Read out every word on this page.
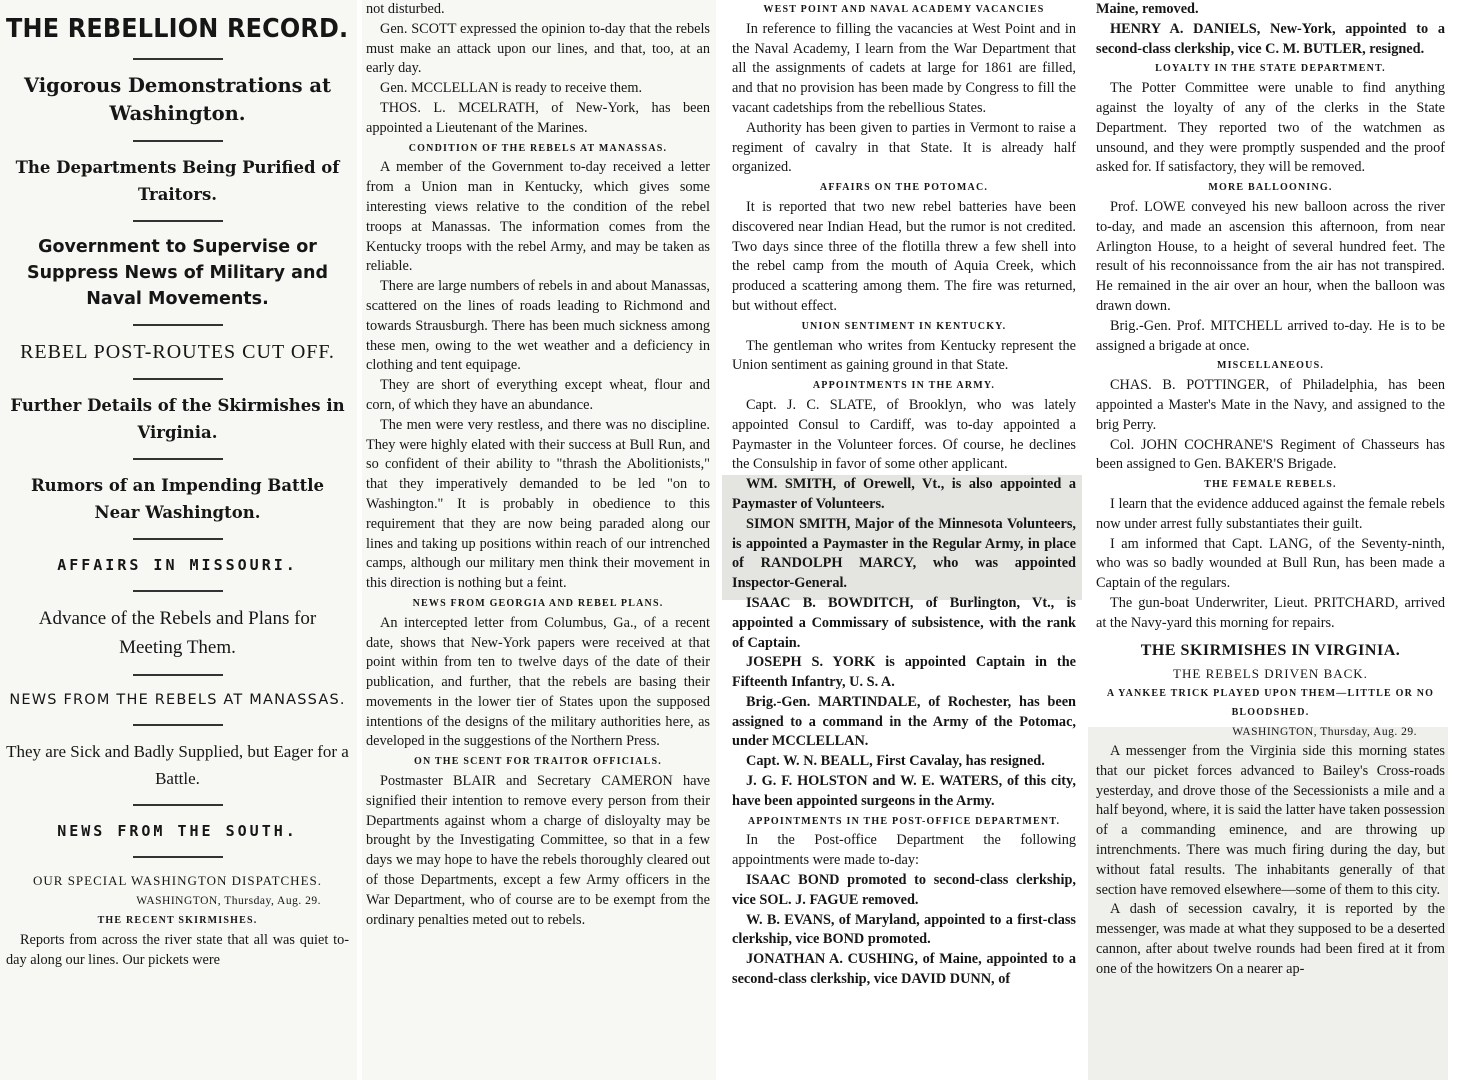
THE REBELLION RECORD.

Vigorous Demonstrations at Washington.

The Departments Being Purified of Traitors.

Government to Supervise or Suppress News of Military and Naval Movements.

REBEL POST-ROUTES CUT OFF.

Further Details of the Skirmishes in Virginia.

Rumors of an Impending Battle Near Washington.

AFFAIRS IN MISSOURI.

Advance of the Rebels and Plans for Meeting Them.

NEWS FROM THE REBELS AT MANASSAS.

They are Sick and Badly Supplied, but Eager for a Battle.

NEWS FROM THE SOUTH.

OUR SPECIAL WASHINGTON DISPATCHES.

WASHINGTON, Thursday, Aug. 29.

THE RECENT SKIRMISHES.

Reports from across the river state that all was quiet to-day along our lines. Our pickets were

not disturbed.

Gen. SCOTT expressed the opinion to-day that the rebels must make an attack upon our lines, and that, too, at an early day.

Gen. MCCLELLAN is ready to receive them.

THOS. L. MCELRATH, of New-York, has been appointed a Lieutenant of the Marines.

CONDITION OF THE REBELS AT MANASSAS.

A member of the Government to-day received a letter from a Union man in Kentucky, which gives some interesting views relative to the condition of the rebel troops at Manassas. The information comes from the Kentucky troops with the rebel Army, and may be taken as reliable.

There are large numbers of rebels in and about Manassas, scattered on the lines of roads leading to Richmond and towards Strausburgh. There has been much sickness among these men, owing to the wet weather and a deficiency in clothing and tent equipage.

They are short of everything except wheat, flour and corn, of which they have an abundance.

The men were very restless, and there was no discipline. They were highly elated with their success at Bull Run, and so confident of their ability to "thrash the Abolitionists," that they imperatively demanded to be led "on to Washington." It is probably in obedience to this requirement that they are now being paraded along our lines and taking up positions within reach of our intrenched camps, although our military men think their movement in this direction is nothing but a feint.

NEWS FROM GEORGIA AND REBEL PLANS.

An intercepted letter from Columbus, Ga., of a recent date, shows that New-York papers were received at that point within from ten to twelve days of the date of their publication, and further, that the rebels are basing their movements in the lower tier of States upon the supposed intentions of the designs of the military authorities here, as developed in the suggestions of the Northern Press.

ON THE SCENT FOR TRAITOR OFFICIALS.

Postmaster BLAIR and Secretary CAMERON have signified their intention to remove every person from their Departments against whom a charge of disloyalty may be brought by the Investigating Committee, so that in a few days we may hope to have the rebels thoroughly cleared out of those Departments, except a few Army officers in the War Department, who of course are to be exempt from the ordinary penalties meted out to rebels.

WEST POINT AND NAVAL ACADEMY VACANCIES

In reference to filling the vacancies at West Point and in the Naval Academy, I learn from the War Department that all the assignments of cadets at large for 1861 are filled, and that no provision has been made by Congress to fill the vacant cadetships from the rebellious States.

Authority has been given to parties in Vermont to raise a regiment of cavalry in that State. It is already half organized.

AFFAIRS ON THE POTOMAC.

It is reported that two new rebel batteries have been discovered near Indian Head, but the rumor is not credited. Two days since three of the flotilla threw a few shell into the rebel camp from the mouth of Aquia Creek, which produced a scattering among them. The fire was returned, but without effect.

UNION SENTIMENT IN KENTUCKY.

The gentleman who writes from Kentucky represent the Union sentiment as gaining ground in that State.

APPOINTMENTS IN THE ARMY.

Capt. J. C. SLATE, of Brooklyn, who was lately appointed Consul to Cardiff, was to-day appointed a Paymaster in the Volunteer forces. Of course, he declines the Consulship in favor of some other applicant.

WM. SMITH, of Orewell, Vt., is also appointed a Paymaster of Volunteers.

SIMON SMITH, Major of the Minnesota Volunteers, is appointed a Paymaster in the Regular Army, in place of RANDOLPH MARCY, who was appointed Inspector-General.

ISAAC B. BOWDITCH, of Burlington, Vt., is appointed a Commissary of subsistence, with the rank of Captain.

JOSEPH S. YORK is appointed Captain in the Fifteenth Infantry, U. S. A.

Brig.-Gen. MARTINDALE, of Rochester, has been assigned to a command in the Army of the Potomac, under MCCLELLAN.

Capt. W. N. BEALL, First Cavalay, has resigned.

J. G. F. HOLSTON and W. E. WATERS, of this city, have been appointed surgeons in the Army.

APPOINTMENTS IN THE POST-OFFICE DEPARTMENT.

In the Post-office Department the following appointments were made to-day:

ISAAC BOND promoted to second-class clerkship, vice SOL. J. FAGUE removed.

W. B. EVANS, of Maryland, appointed to a first-class clerkship, vice BOND promoted.

JONATHAN A. CUSHING, of Maine, appointed to a second-class clerkship, vice DAVID DUNN, of

Maine, removed.

HENRY A. DANIELS, New-York, appointed to a second-class clerkship, vice C. M. BUTLER, resigned.

LOYALTY IN THE STATE DEPARTMENT.

The Potter Committee were unable to find anything against the loyalty of any of the clerks in the State Department. They reported two of the watchmen as unsound, and they were promptly suspended and the proof asked for. If satisfactory, they will be removed.

MORE BALLOONING.

Prof. LOWE conveyed his new balloon across the river to-day, and made an ascension this afternoon, from near Arlington House, to a height of several hundred feet. The result of his reconnoissance from the air has not transpired. He remained in the air over an hour, when the balloon was drawn down.

Brig.-Gen. Prof. MITCHELL arrived to-day. He is to be assigned a brigade at once.

MISCELLANEOUS.

CHAS. B. POTTINGER, of Philadelphia, has been appointed a Master's Mate in the Navy, and assigned to the brig Perry.

Col. JOHN COCHRANE'S Regiment of Chasseurs has been assigned to Gen. BAKER'S Brigade.

THE FEMALE REBELS.

I learn that the evidence adduced against the female rebels now under arrest fully substantiates their guilt.

I am informed that Capt. LANG, of the Seventy-ninth, who was so badly wounded at Bull Run, has been made a Captain of the regulars.

The gun-boat Underwriter, Lieut. PRITCHARD, arrived at the Navy-yard this morning for repairs.

THE SKIRMISHES IN VIRGINIA.
THE REBELS DRIVEN BACK.

A YANKEE TRICK PLAYED UPON THEM—LITTLE OR NO BLOODSHED.

WASHINGTON, Thursday, Aug. 29.

A messenger from the Virginia side this morning states that our picket forces advanced to Bailey's Cross-roads yesterday, and drove those of the Secessionists a mile and a half beyond, where, it is said the latter have taken possession of a commanding eminence, and are throwing up intrenchments. There was much firing during the day, but without fatal results. The inhabitants generally of that section have removed elsewhere—some of them to this city.

A dash of secession cavalry, it is reported by the messenger, was made at what they supposed to be a deserted cannon, after about twelve rounds had been fired at it from one of the howitzers On a nearer ap-
